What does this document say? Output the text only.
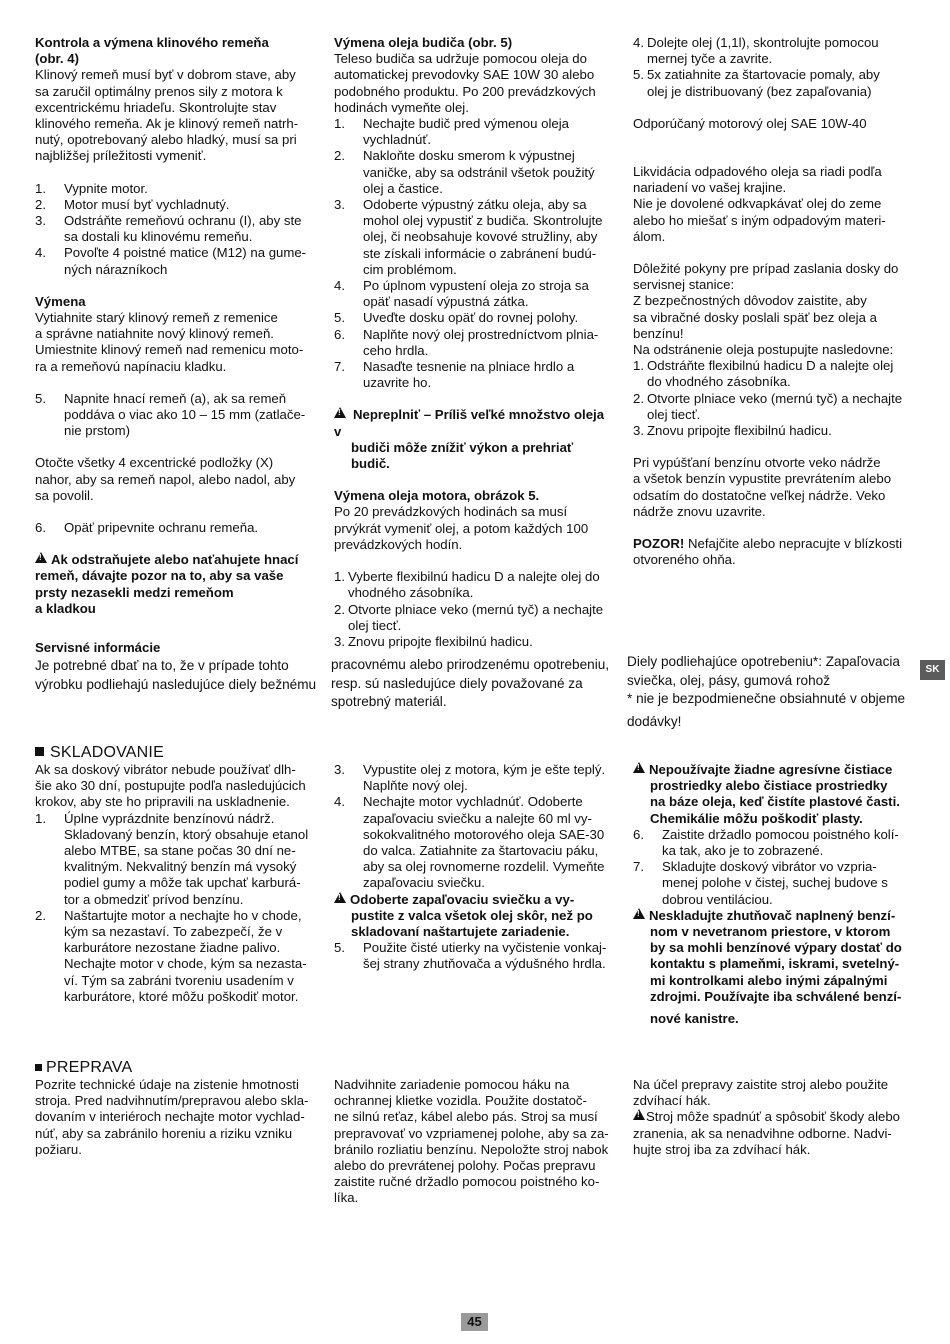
Kontrola a výmena klinového remeňa

(obr. 4)

Klinový remeň musí byť v dobrom stave, aby
sa zaručil optimálny prenos sily z motora k
excentrickému hriadeľu. Skontrolujte stav
klinového remeňa. Ak je klinový remeň natrh-
nutý, opotrebovaný alebo hladký, musí sa pri
najbližšej príležitosti vymeniť.
1.	Vypnite motor.
2.	Motor musí byť vychladnutý.
3.	Odstráňte remeňovú ochranu (I), aby ste
sa dostali ku klinovému remeňu.
4.	Povoľte 4 poistné matice (M12) na gume-
ných nárazníkoch

Výmena

Vytiahnite starý klinový remeň z remenice
a správne natiahnite nový klinový remeň.
Umiestnite klinový remeň nad remenicu moto-
ra a remeňovú napínaciu kladku.
5.	Napnite hnací remeň (a), ak sa remeň
poddáva o viac ako 10 – 15 mm (zatlače-
nie prstom)
Otočte všetky 4 excentrické podložky (X)
nahor, aby sa remeň napol, alebo nadol, aby
sa povolil.
6.	Opäť pripevnite ochranu remeňa.
!Ak odstraňujete alebo naťahujete hnací
remeň, dávajte pozor na to, aby sa vaše
prsty nezasekli medzi remeňom
a kladkou

Výmena oleja budiča (obr. 5)

Teleso budiča sa udržuje pomocou oleja do
automatickej prevodovky SAE 10W 30 alebo
podobného produktu. Po 200 prevádzkových
hodinách vymeňte olej.
1.	Nechajte budič pred výmenou oleja
vychladnúť.
2.	Nakloňte dosku smerom k výpustnej
vaničke, aby sa odstránil všetok použitý
olej a častice.
3.	Odoberte výpustný zátku oleja, aby sa
mohol olej vypustiť z budiča. Skontrolujte
olej, či neobsahuje kovové stružliny, aby
ste získali informácie o zabránení budú-
cim problémom.
4.	Po úplnom vypustení oleja zo stroja sa
opäť nasadí výpustná zátka.
5.	Uveďte dosku opäť do rovnej polohy.
6.	Naplňte nový olej prostredníctvom plnia-
ceho hrdla.
7.	Nasaďte tesnenie na plniace hrdlo a
uzavrite ho.
!Nepreplniť – Príliš veľké množstvo oleja v
budiči môže znížiť výkon a prehriať budič.

Výmena oleja motora, obrázok 5.

Po 20 prevádzkových hodinách sa musí
prvýkrát vymeniť olej, a potom každých 100
prevádzkových hodín.
1. Vyberte flexibilnú hadicu D a nalejte olej do
vhodného zásobníka.
2. Otvorte plniace veko (mernú tyč) a nechajte
olej tiecť.
3. Znovu pripojte flexibilnú hadicu.
4. Dolejte olej (1,1l), skontrolujte pomocou
mernej tyče a zavrite.
5. 5x zatiahnite za štartovacie pomaly, aby
olej je distribuovaný (bez zapaľovania)
Odporúčaný motorový olej SAE 10W-40
Likvidácia odpadového oleja sa riadi podľa
nariadení vo vašej krajine.
Nie je dovolené odkvapkávať olej do zeme
alebo ho miešať s iným odpadovým materi-
álom.
Dôležité pokyny pre prípad zaslania dosky do
servisnej stanice:
Z bezpečnostných dôvodov zaistite, aby
sa vibračné dosky poslali späť bez oleja a
benzínu!
Na odstránenie oleja postupujte nasledovne:
1. Odstráňte flexibilnú hadicu D a nalejte olej
do vhodného zásobníka.
2. Otvorte plniace veko (mernú tyč) a nechajte
olej tiecť.
3. Znovu pripojte flexibilnú hadicu.
Pri vypúšťaní benzínu otvorte veko nádrže
a všetok benzín vypustite prevrátením alebo
odsatím do dostatočne veľkej nádrže. Veko
nádrže znovu uzavrite.
POZOR! Nefajčite alebo nepracujte v blízkosti
otvoreného ohňa.

Servisné informácie

Je potrebné dbať na to, že v prípade tohto
výrobku podliehajú nasledujúce diely bežnému
pracovnému alebo prirodzenému opotrebeniu,
resp. sú nasledujúce diely považované za
spotrebný materiál.
Diely podliehajúce opotrebeniu*: Zapaľovacia
sviečka, olej, pásy, gumová rohož
* nie je bezpodmienečne obsiahnuté v objeme
dodávky!
SK

SKLADOVANIE

Ak sa doskový vibrátor nebude používať dlh-
šie ako 30 dní, postupujte podľa nasledujúcich
krokov, aby ste ho pripravili na uskladnenie.
1.	Úplne vyprázdnite benzínovú nádrž.
Skladovaný benzín, ktorý obsahuje etanol
alebo MTBE, sa stane počas 30 dní ne-
kvalitným. Nekvalitný benzín má vysoký
podiel gumy a môže tak upchať karburá-
tor a obmedziť prívod benzínu.
2.	Naštartujte motor a nechajte ho v chode,
kým sa nezastaví. To zabezpečí, že v
karburátore nezostane žiadne palivo.
Nechajte motor v chode, kým sa nezasta-
ví. Tým sa zabráni tvoreniu usadením v
karburátore, ktoré môžu poškodiť motor.
3.	Vypustite olej z motora, kým je ešte teplý.
Naplňte nový olej.
4.	Nechajte motor vychladnúť. Odoberte
zapaľovaciu sviečku a nalejte 60 ml vy-
sokokvalitného motorového oleja SAE-30
do valca. Zatiahnite za štartovaciu páku,
aby sa olej rovnomerne rozdelil. Vymeňte
zapaľovaciu sviečku.
!Odoberte zapaľovaciu sviečku a vy-
pustite z valca všetok olej skôr, než po
skladovaní naštartujete zariadenie.
5.	Použite čisté utierky na vyčistenie vonkaj-
šej strany zhutňovača a výdušného hrdla.
!Nepoužívajte žiadne agresívne čistiace
prostriedky alebo čistiace prostriedky
na báze oleja, keď čistíte plastové časti.
Chemikálie môžu poškodiť plasty.
6.	Zaistite držadlo pomocou poistného kolí-
ka tak, ako je to zobrazené.
7.	Skladujte doskový vibrátor vo vzpria-
menej polohe v čistej, suchej budove s
dobrou ventiláciou.
!Neskladujte zhutňovač naplnený benzí-
nom v nevetranom priestore, v ktorom
by sa mohli benzínové výpary dostať do
kontaktu s plameňmi, iskrami, svetelný-
mi kontrolkami alebo inými zápalnými
zdrojmi. Používajte iba schválené benzí-
nové kanistre.

PREPRAVA

Pozrite technické údaje na zistenie hmotnosti
stroja. Pred nadvihnutím/prepravou alebo skla-
dovaním v interiéroch nechajte motor vychlad-
núť, aby sa zabránilo horeniu a riziku vzniku
požiaru.
Nadvihnite zariadenie pomocou háku na
ochrannej klietke vozidla. Použite dostatoč-
ne silnú reťaz, kábel alebo pás. Stroj sa musí
prepravovať vo vzpriamenej polohe, aby sa za-
bránilo rozliatiu benzínu. Nepoložte stroj nabok
alebo do prevrátenej polohy. Počas prepravu
zaistite ručné držadlo pomocou poistného ko-
líka.
Na účel prepravy zaistite stroj alebo použite
zdvíhací hák.
!Stroj môže spadnúť a spôsobiť škody alebo
zranenia, ak sa nenadvihne odborne. Nadvi-
hujte stroj iba za zdvíhací hák.
45
